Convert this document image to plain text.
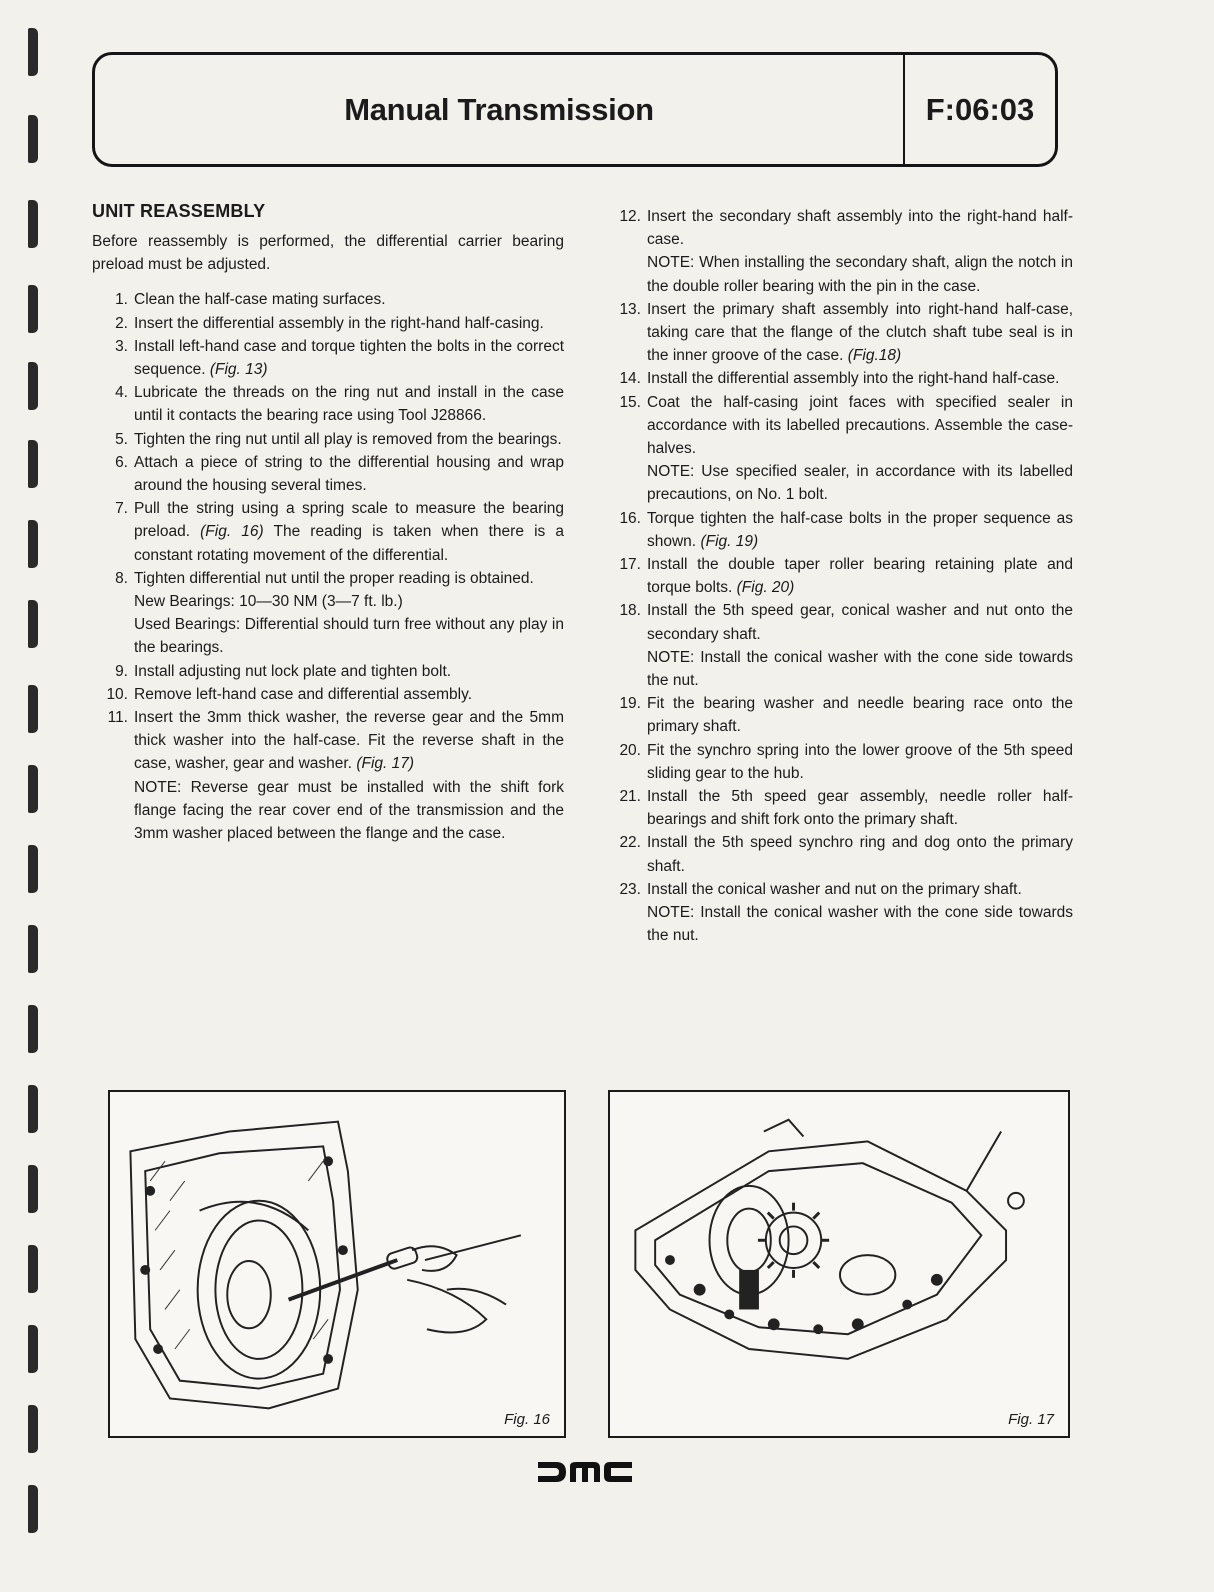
Manual Transmission	F:06:03
UNIT REASSEMBLY
Before reassembly is performed, the differential carrier bearing preload must be adjusted.
1. Clean the half-case mating surfaces.
2. Insert the differential assembly in the right-hand half-casing.
3. Install left-hand case and torque tighten the bolts in the correct sequence. (Fig. 13)
4. Lubricate the threads on the ring nut and install in the case until it contacts the bearing race using Tool J28866.
5. Tighten the ring nut until all play is removed from the bearings.
6. Attach a piece of string to the differential housing and wrap around the housing several times.
7. Pull the string using a spring scale to measure the bearing preload. (Fig. 16) The reading is taken when there is a constant rotating movement of the differential.
8. Tighten differential nut until the proper reading is obtained.
New Bearings: 10—30 NM (3—7 ft. lb.)
Used Bearings: Differential should turn free without any play in the bearings.
9. Install adjusting nut lock plate and tighten bolt.
10. Remove left-hand case and differential assembly.
11. Insert the 3mm thick washer, the reverse gear and the 5mm thick washer into the half-case. Fit the reverse shaft in the case, washer, gear and washer. (Fig. 17)
NOTE: Reverse gear must be installed with the shift fork flange facing the rear cover end of the transmission and the 3mm washer placed between the flange and the case.
12. Insert the secondary shaft assembly into the right-hand half-case.
NOTE: When installing the secondary shaft, align the notch in the double roller bearing with the pin in the case.
13. Insert the primary shaft assembly into right-hand half-case, taking care that the flange of the clutch shaft tube seal is in the inner groove of the case. (Fig.18)
14. Install the differential assembly into the right-hand half-case.
15. Coat the half-casing joint faces with specified sealer in accordance with its labelled precautions. Assemble the case-halves.
NOTE: Use specified sealer, in accordance with its labelled precautions, on No. 1 bolt.
16. Torque tighten the half-case bolts in the proper sequence as shown. (Fig. 19)
17. Install the double taper roller bearing retaining plate and torque bolts. (Fig. 20)
18. Install the 5th speed gear, conical washer and nut onto the secondary shaft.
NOTE: Install the conical washer with the cone side towards the nut.
19. Fit the bearing washer and needle bearing race onto the primary shaft.
20. Fit the synchro spring into the lower groove of the 5th speed sliding gear to the hub.
21. Install the 5th speed gear assembly, needle roller half-bearings and shift fork onto the primary shaft.
22. Install the 5th speed synchro ring and dog onto the primary shaft.
23. Install the conical washer and nut on the primary shaft.
NOTE: Install the conical washer with the cone side towards the nut.
Fig. 16	Fig. 17
